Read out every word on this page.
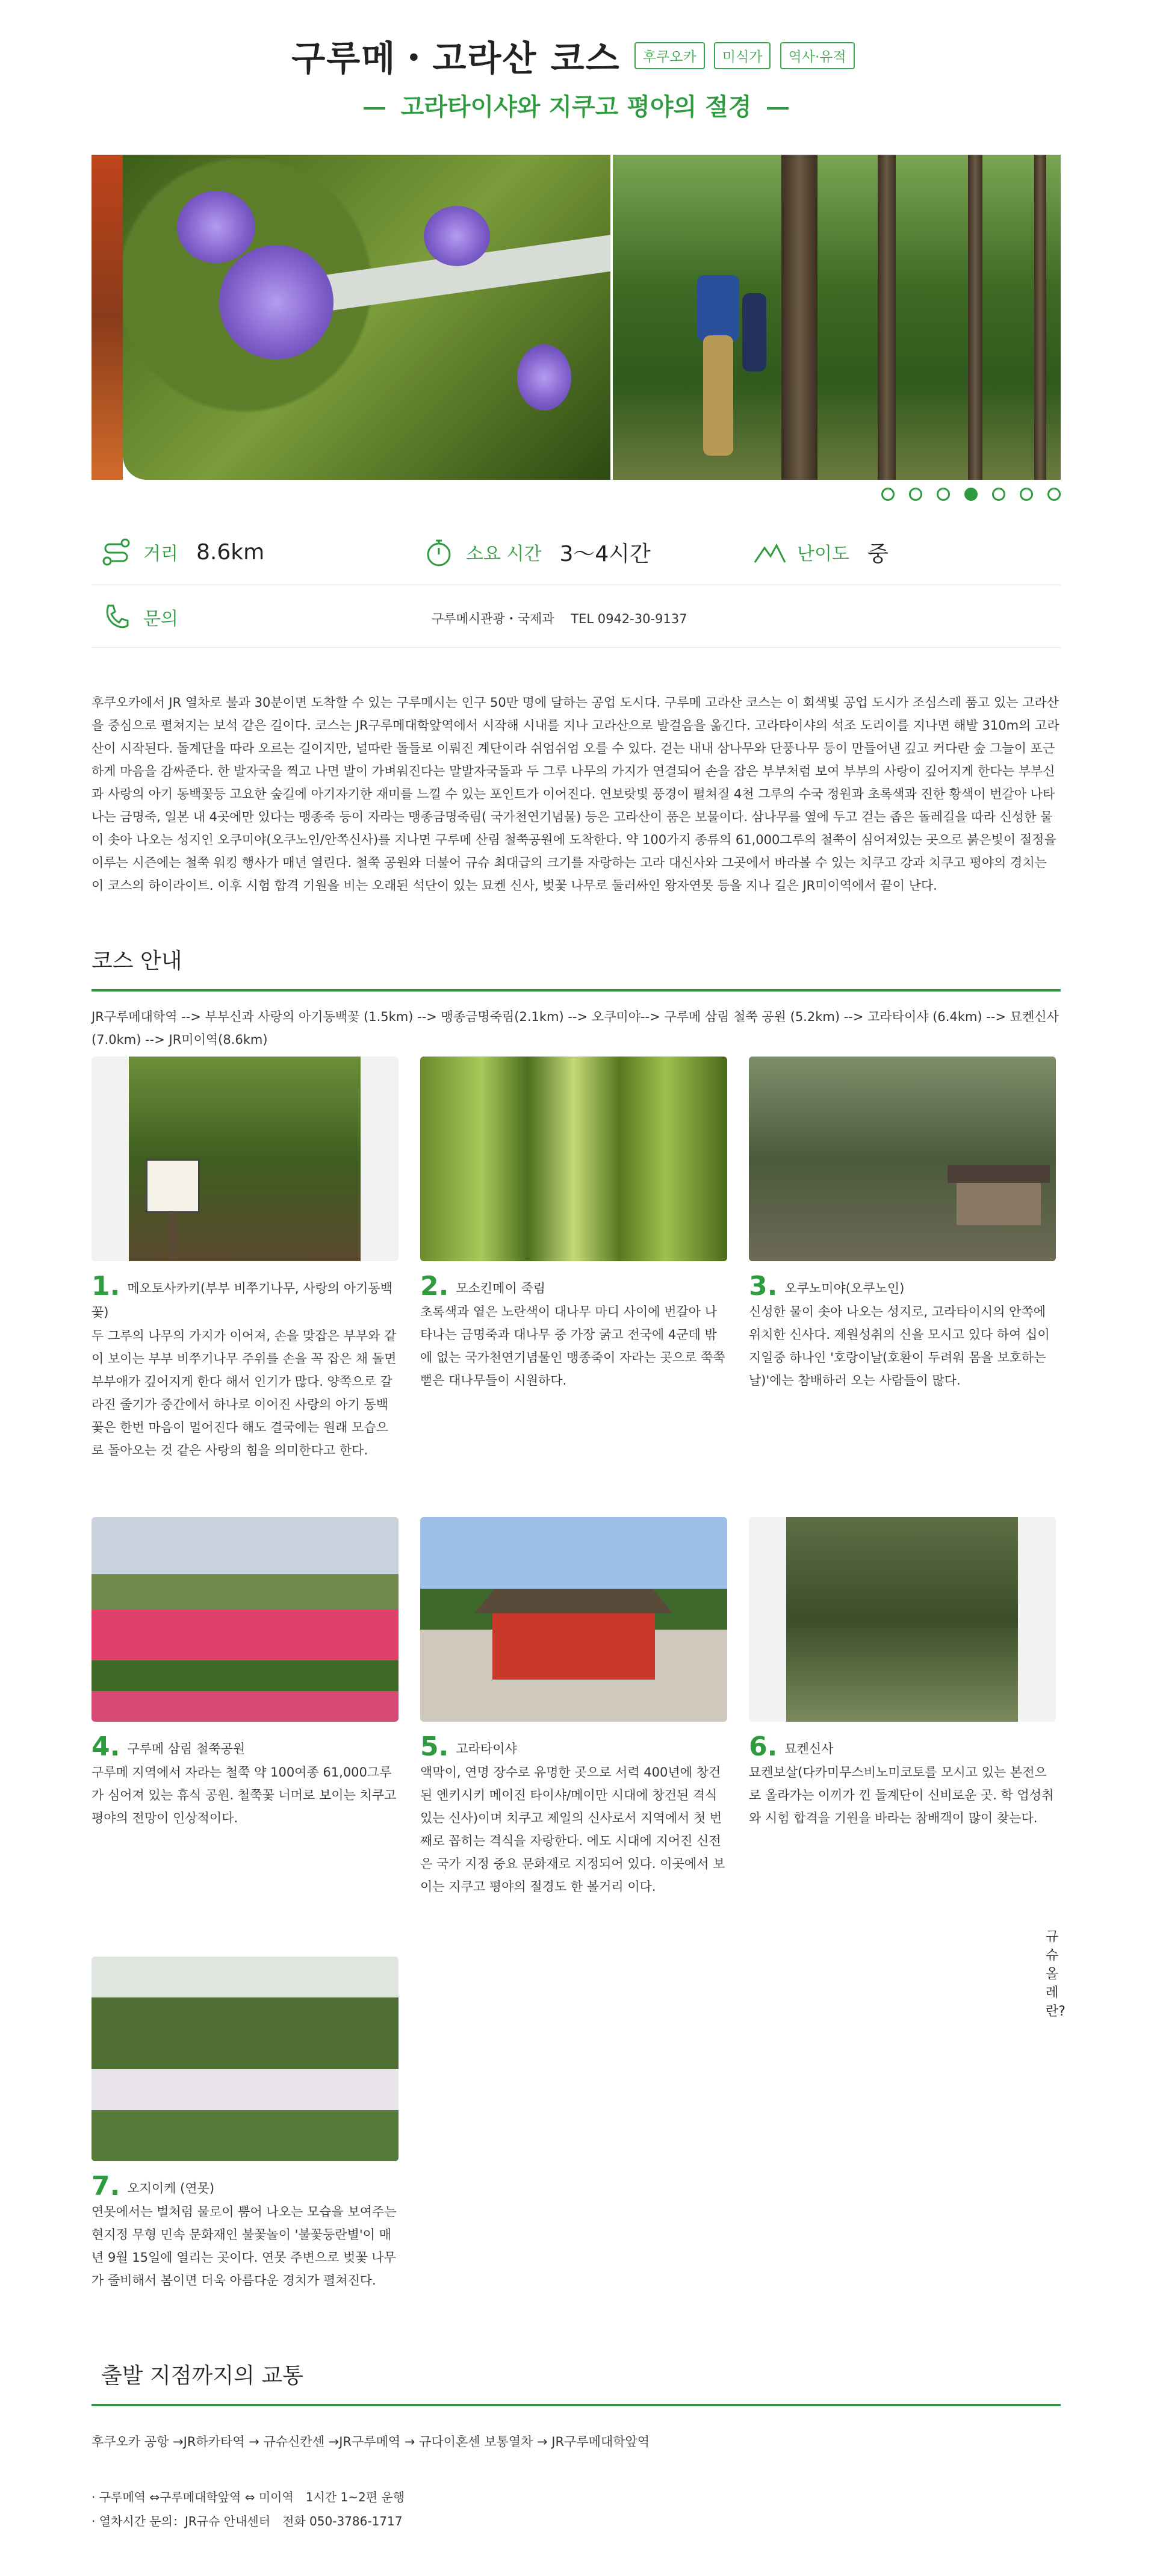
구루메・고라산 코스 후쿠오카 미식가 역사·유적
고라타이샤와 지쿠고 평야의 절경
거리 8.6km	소요 시간 3〜4시간	난이도 중
문의	구루메시관광・국제과　 TEL 0942-30-9137

후쿠오카에서 JR 열차로 불과 30분이면 도착할 수 있는 구루메시는 인구 50만 명에 달하는 공업 도시다. 구루메 고라산 코스는 이 회색빛 공업 도시가 조심스레 품고 있는 고라산을 중심으로 펼쳐지는 보석 같은 길이다. 코스는 JR구루메대학앞역에서 시작해 시내를 지나 고라산으로 발걸음을 옮긴다. 고라타이샤의 석조 도리이를 지나면 해발 310m의 고라산이 시작된다. 돌계단을 따라 오르는 길이지만, 널따란 돌들로 이뤄진 계단이라 쉬엄쉬엄 오를 수 있다. 걷는 내내 삼나무와 단풍나무 등이 만들어낸 깊고 커다란 숲 그늘이 포근하게 마음을 감싸준다. 한 발자국을 찍고 나면 발이 가벼워진다는 말발자국돌과 두 그루 나무의 가지가 연결되어 손을 잡은 부부처럼 보여 부부의 사랑이 깊어지게 한다는 부부신과 사랑의 아기 동백꽃등 고요한 숲길에 아기자기한 재미를 느낄 수 있는 포인트가 이어진다. 연보랏빛 풍경이 펼쳐질 4천 그루의 수국 정원과 초록색과 진한 황색이 번갈아 나타나는 금명죽, 일본 내 4곳에만 있다는 맹종죽 등이 자라는 맹종금명죽림( 국가천연기념물) 등은 고라산이 품은 보물이다. 삼나무를 옆에 두고 걷는 좁은 돌레길을 따라 신성한 물이 솟아 나오는 성지인 오쿠미야(오쿠노인/안쪽신사)를 지나면 구루메 산림 철쭉공원에 도착한다. 약 100가지 종류의 61,000그루의 철쭉이 심어져있는 곳으로 붉은빛이 절정을 이루는 시즌에는 철쭉 워킹 행사가 매년 열린다. 철쭉 공원와 더불어 규슈 최대급의 크기를 자랑하는 고라 대신사와 그곳에서 바라볼 수 있는 치쿠고 강과 치쿠고 평야의 경치는 이 코스의 하이라이트. 이후 시험 합격 기원을 비는 오래된 석단이 있는 묘켄 신사, 벚꽃 나무로 둘러싸인 왕자연못 등을 지나 길은 JR미이역에서 끝이 난다.

코스 안내

JR구루메대학역 --> 부부신과 사랑의 아기동백꽃 (1.5km) --> 맹종금명죽림(2.1km) --> 오쿠미야--> 구루메 삼림 철쭉 공원 (5.2km) --> 고라타이샤 (6.4km) --> 묘켄신사 (7.0km) --> JR미이역(8.6km)

1. 메오토사카키(부부 비쭈기나무, 사랑의 아기동백꽃)

두 그루의 나무의 가지가 이어져, 손을 맞잡은 부부와 같이 보이는 부부 비쭈기나무 주위를 손을 꼭 잡은 채 돌면 부부애가 깊어지게 한다 해서 인기가 많다. 양쪽으로 갈라진 줄기가 중간에서 하나로 이어진 사랑의 아기 동백꽃은 한번 마음이 멀어진다 해도 결국에는 원래 모습으로 돌아오는 것 같은 사랑의 힘을 의미한다고 한다.

2. 모소킨메이 죽림

초록색과 옅은 노란색이 대나무 마디 사이에 번갈아 나타나는 금명죽과 대나무 중 가장 굵고 전국에 4군데 밖에 없는 국가천연기념물인 맹종죽이 자라는 곳으로 쭉쭉 뻗은 대나무들이 시원하다.

3. 오쿠노미야(오쿠노인)

신성한 물이 솟아 나오는 성지로, 고라타이시의 안쪽에 위치한 신사다. 제원성취의 신을 모시고 있다 하여 십이지일중 하나인 '호랑이날(호환이 두려워 몸을 보호하는 날)'에는 참배하러 오는 사람들이 많다.

4. 구루메 삼림 철쭉공원

구루메 지역에서 자라는 철쭉 약 100여종 61,000그루가 심어져 있는 휴식 공원. 철쭉꽃 너머로 보이는 치쿠고 평야의 전망이 인상적이다.

5. 고라타이샤

액막이, 연명 장수로 유명한 곳으로 서력 400년에 창건된 엔키시키 메이진 타이샤/메이만 시대에 창건된 격식 있는 신사)이며 치쿠고 제일의 신사로서 지역에서 첫 번째로 꼽히는 격식을 자랑한다. 에도 시대에 지어진 신전은 국가 지정 중요 문화재로 지정되어 있다. 이곳에서 보이는 지쿠고 평야의 절경도 한 볼거리 이다.

6. 묘켄신사

묘켄보살(다카미무스비노미코토를 모시고 있는 본전으로 올라가는 이끼가 낀 돌계단이 신비로운 곳. 학 업성취와 시험 합격을 기원을 바라는 참배객이 많이 찾는다.

7. 오지이케 (연못)

연못에서는 벌처럼 물로이 뿜어 나오는 모습을 보여주는 현지정 무형 민속 문화재인 불꽃놀이 '불꽃둥란별'이 매년 9월 15일에 열리는 곳이다. 연못 주변으로 벚꽃 나무가 줄비해서 봄이면 더욱 아름다운 경치가 펼쳐진다.

규슈 올레란?
출발 지점까지의 교통

후쿠오카 공항 →JR하카타역 → 규슈신칸센 →JR구루메역 → 규다이혼센 보통열차 → JR구루메대학앞역

· 구루메역 ⇔구루메대학앞역 ⇔ 미이역　1시간 1~2편 운행
· 열차시간 문의：JR규슈 안내센터　전화 050-3786-1717
